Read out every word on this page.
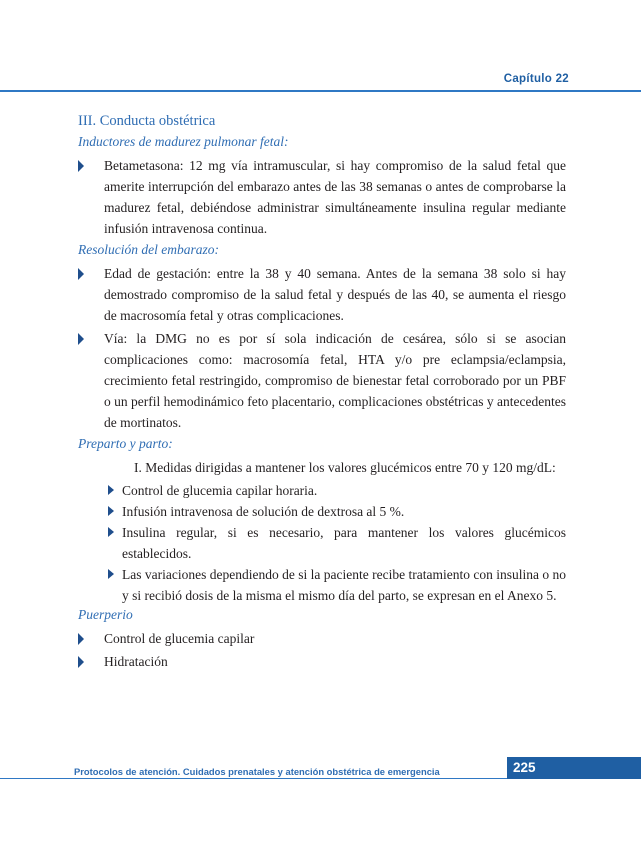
Capítulo 22
III. Conducta obstétrica
Inductores de madurez pulmonar fetal:
Betametasona: 12 mg vía intramuscular, si hay compromiso de la salud fetal que amerite interrupción del embarazo antes de las 38 semanas o antes de comprobarse la madurez fetal, debiéndose administrar simultáneamente insulina regular mediante infusión intravenosa continua.
Resolución del embarazo:
Edad de gestación: entre la 38 y 40 semana. Antes de la semana 38 solo si hay demostrado compromiso de la salud fetal y después de las 40, se aumenta el riesgo de macrosomía fetal y otras complicaciones.
Vía: la DMG no es por sí sola indicación de cesárea, sólo si se asocian complicaciones como: macrosomía fetal, HTA y/o pre eclampsia/eclampsia, crecimiento fetal restringido, compromiso de bienestar fetal corroborado por un PBF o un perfil hemodinámico feto placentario, complicaciones obstétricas y antecedentes de mortinatos.
Preparto y parto:
I. Medidas dirigidas a mantener los valores glucémicos entre 70 y 120 mg/dL:
Control de glucemia capilar horaria.
Infusión intravenosa de solución de dextrosa al 5 %.
Insulina regular, si es necesario, para mantener los valores glucémicos establecidos.
Las variaciones dependiendo de si la paciente recibe tratamiento con insulina o no y si recibió dosis de la misma el mismo día del parto, se expresan en el Anexo 5.
Puerperio
Control de glucemia capilar
Hidratación
Protocolos de atención. Cuidados prenatales y atención obstétrica de emergencia	225
